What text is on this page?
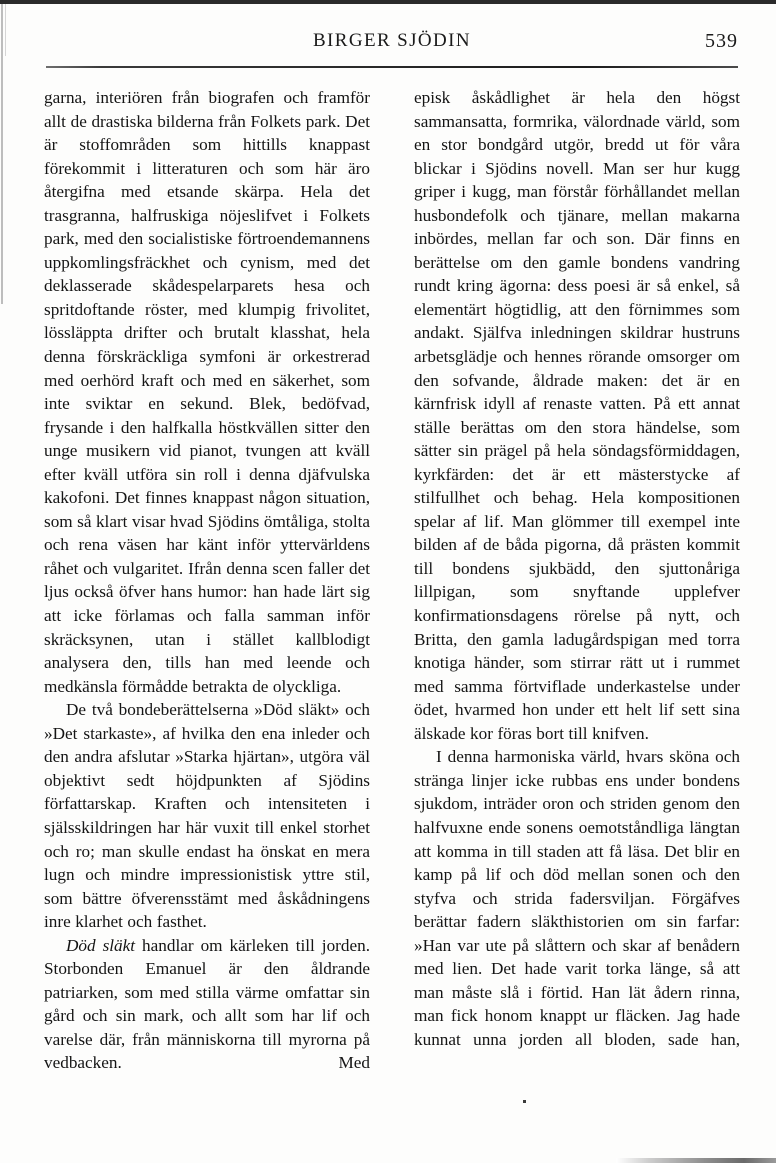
BIRGER SJÖDIN	539

garna, interiören från biografen och framför allt de drastiska bilderna från Folkets park. Det är stoffområden som hittills knappast förekommit i litteraturen och som här äro återgifna med etsande skärpa. Hela det trasgranna, halfruskiga nöjeslifvet i Folkets park, med den socialistiske förtroendemannens uppkomlingsfräckhet och cynism, med det deklasserade skådespelarparets hesa och spritdoftande röster, med klumpig frivolitet, lössläppta drifter och brutalt klasshat, hela denna förskräckliga symfoni är orkestrerad med oerhörd kraft och med en säkerhet, som inte sviktar en sekund. Blek, bedöfvad, frysande i den halfkalla höstkvällen sitter den unge musikern vid pianot, tvungen att kväll efter kväll utföra sin roll i denna djäfvulska kakofoni. Det finnes knappast någon situation, som så klart visar hvad Sjödins ömtåliga, stolta och rena väsen har känt inför yttervärldens råhet och vulgaritet. Ifrån denna scen faller det ljus också öfver hans humor: han hade lärt sig att icke förlamas och falla samman inför skräcksynen, utan i stället kallblodigt analysera den, tills han med leende och medkänsla förmådde betrakta de olyckliga.

De två bondeberättelserna »Död släkt» och »Det starkaste», af hvilka den ena inleder och den andra afslutar »Starka hjärtan», utgöra väl objektivt sedt höjdpunkten af Sjödins författarskap. Kraften och intensiteten i själsskildringen har här vuxit till enkel storhet och ro; man skulle endast ha önskat en mera lugn och mindre impressionistisk yttre stil, som bättre öfverensstämt med åskådningens inre klarhet och fasthet.

Död släkt handlar om kärleken till jorden. Storbonden Emanuel är den åldrande patriarken, som med stilla värme omfattar sin gård och sin mark, och allt som har lif och varelse där, från människorna till myrorna på vedbacken. Med

episk åskådlighet är hela den högst sammansatta, formrika, välordnade värld, som en stor bondgård utgör, bredd ut för våra blickar i Sjödins novell. Man ser hur kugg griper i kugg, man förstår förhållandet mellan husbondefolk och tjänare, mellan makarna inbördes, mellan far och son. Där finns en berättelse om den gamle bondens vandring rundt kring ägorna: dess poesi är så enkel, så elementärt högtidlig, att den förnimmes som andakt. Själfva inledningen skildrar hustruns arbetsglädje och hennes rörande omsorger om den sofvande, åldrade maken: det är en kärnfrisk idyll af renaste vatten. På ett annat ställe berättas om den stora händelse, som sätter sin prägel på hela söndagsförmiddagen, kyrkfärden: det är ett mästerstycke af stilfullhet och behag. Hela kompositionen spelar af lif. Man glömmer till exempel inte bilden af de båda pigorna, då prästen kommit till bondens sjukbädd, den sjuttonåriga lillpigan, som snyftande upplefver konfirmationsdagens rörelse på nytt, och Britta, den gamla ladugårdspigan med torra knotiga händer, som stirrar rätt ut i rummet med samma förtviflade underkastelse under ödet, hvarmed hon under ett helt lif sett sina älskade kor föras bort till knifven.

I denna harmoniska värld, hvars sköna och stränga linjer icke rubbas ens under bondens sjukdom, inträder oron och striden genom den halfvuxne ende sonens oemotståndliga längtan att komma in till staden att få läsa. Det blir en kamp på lif och död mellan sonen och den styfva och strida fadersviljan. Förgäfves berättar fadern släkthistorien om sin farfar: »Han var ute på slåttern och skar af benådern med lien. Det hade varit torka länge, så att man måste slå i förtid. Han lät ådern rinna, man fick honom knappt ur fläcken. Jag hade kunnat unna jorden all bloden, sade han,
